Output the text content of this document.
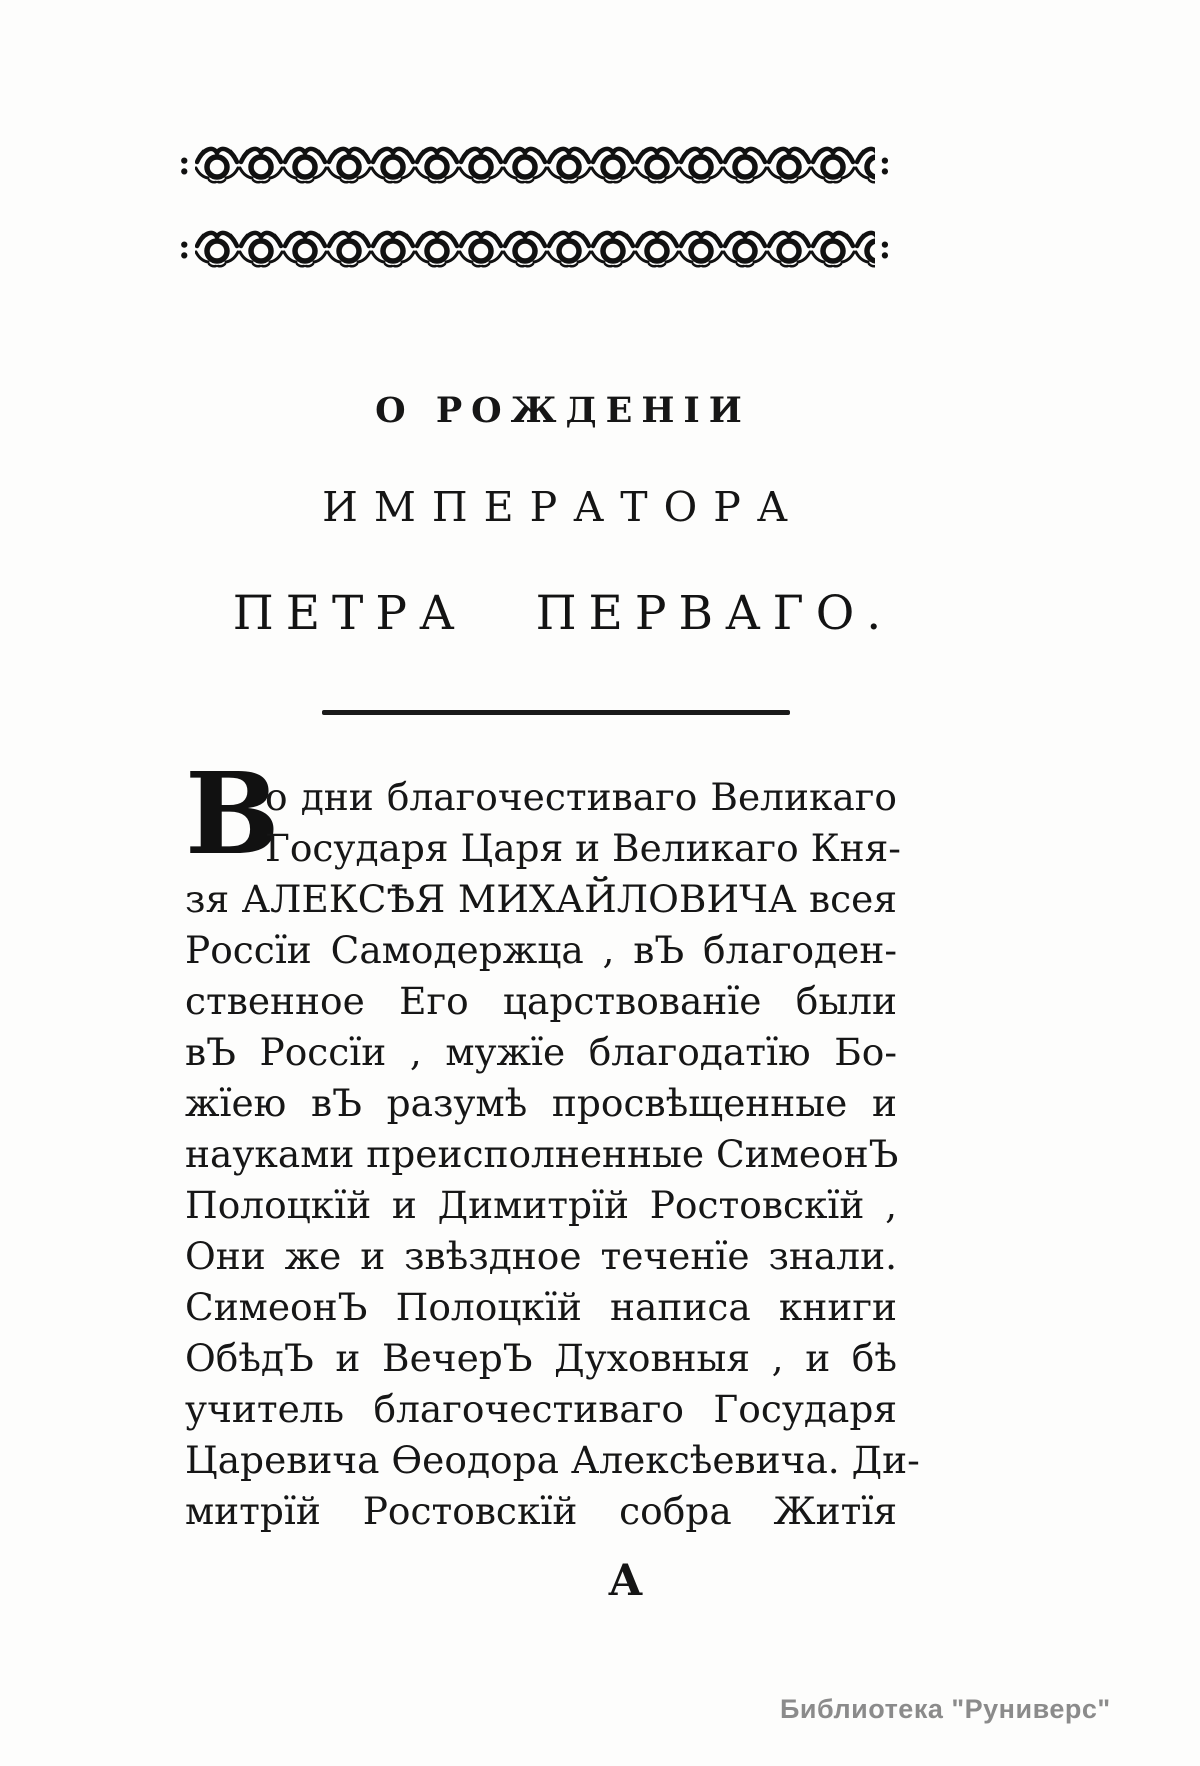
:	:
:	:
О РОЖДЕНІИ
ИМПЕРАТОРА
ПЕТРА ПЕРВАГО.
В
о дни благочестиваго Великаго
Государя Царя и Великаго Кня-
зя АЛЕКСѢЯ МИХАЙЛОВИЧА всея
Россїи Самодержца , вЪ благоден-
ственное Его царствованїе были
вЪ Россїи , мужїе благодатїю Бо-
жїею вЪ разумѣ просвѣщенные и
науками преисполненные СимеонЪ
Полоцкїй и Димитрїй Ростовскїй ,
Они же и звѣздное теченїе знали.
СимеонЪ Полоцкїй написа книги
ОбѣдЪ и ВечерЪ Духовныя , и бѣ
учитель благочестиваго Государя
Царевича Ѳеодора Алексѣевича. Ди-
митрїй Ростовскїй собра Житїя
А
Библиотека "Руниверс"
